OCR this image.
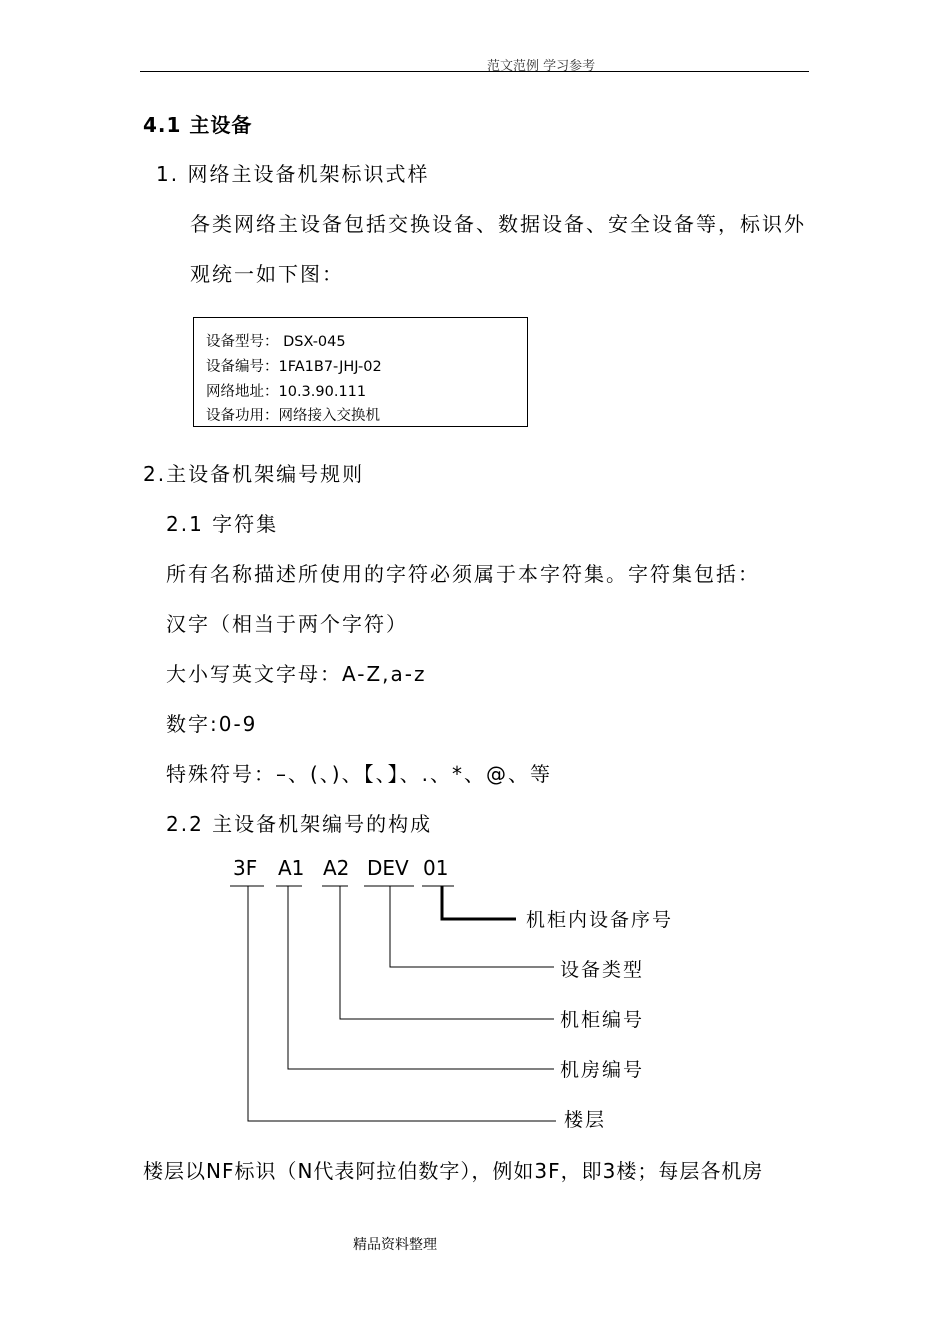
范文范例 学习参考
4.1 主设备
1. 网络主设备机架标识式样
各类网络主设备包括交换设备、数据设备、安全设备等，标识外
观统一如下图：
设备型号： DSX-045
设备编号：1FA1B7-JHJ-02
网络地址：10.3.90.111
设备功用：网络接入交换机
2.主设备机架编号规则
2.1 字符集
所有名称描述所使用的字符必须属于本字符集。字符集包括：
汉字（相当于两个字符）
大小写英文字母：A-Z,a-z
数字:0-9
特殊符号：–、(、)、【、】、.、*、@、等
2.2 主设备机架编号的构成
3F A1 A2 DEV 01
机柜内设备序号
设备类型
机柜编号
机房编号
楼层
楼层以NF标识（N代表阿拉伯数字），例如3F，即3楼；每层各机房
精品资料整理
